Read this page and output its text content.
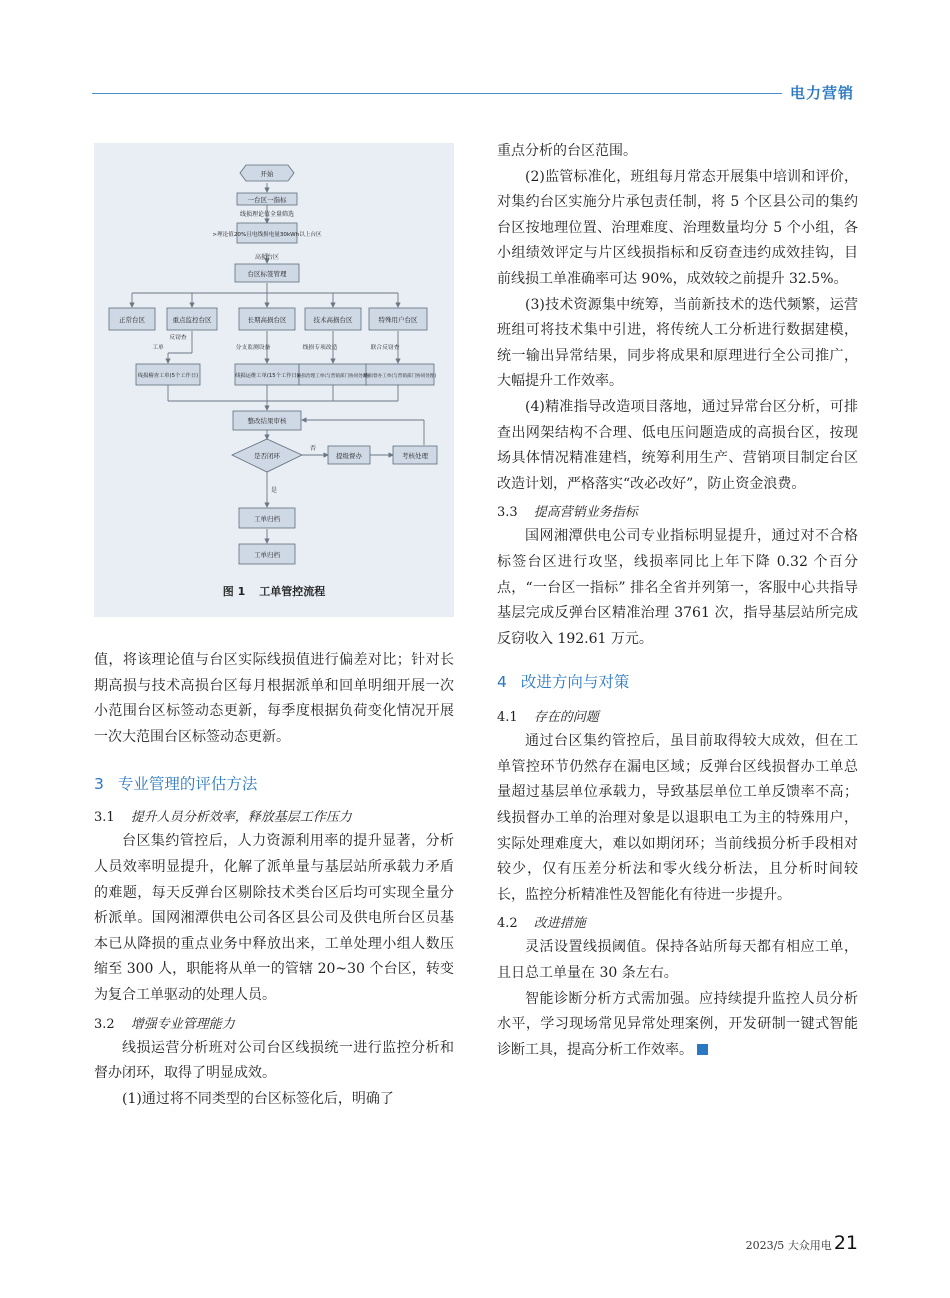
电力营销
开始
一台区一指标
线损理论值全量筛选
>理论值20%且电线损电量30kWh以上台区
高损台区
台区标签管理
正常台区	重点监控台区	长期高损台区	技术高损台区	特殊用户台区
反窃查
工单	分支监测设备	线损专项改造	联合反窃查
线损稽查工单(5个工作日)	线损运维工单(15个工作日)
线损治理工单(与营销部门协同处理)
线损督办工单(与营销部门协同处理)
整改结果审核
是否闭环
否
是
提级督办	考核处理
工单归档
工单归档
图 1 工单管控流程

值，将该理论值与台区实际线损值进行偏差对比；针对长期高损与技术高损台区每月根据派单和回单明细开展一次小范围台区标签动态更新，每季度根据负荷变化情况开展一次大范围台区标签动态更新。

3 专业管理的评估方法
3.1 提升人员分析效率，释放基层工作压力

台区集约管控后，人力资源利用率的提升显著，分析人员效率明显提升，化解了派单量与基层站所承载力矛盾的难题，每天反弹台区剔除技术类台区后均可实现全量分析派单。国网湘潭供电公司各区县公司及供电所台区员基本已从降损的重点业务中释放出来，工单处理小组人数压缩至 300 人，职能将从单一的管辖 20~30 个台区，转变为复合工单驱动的处理人员。

3.2 增强专业管理能力

线损运营分析班对公司台区线损统一进行监控分析和督办闭环，取得了明显成效。

(1)通过将不同类型的台区标签化后，明确了

重点分析的台区范围。

(2)监管标准化，班组每月常态开展集中培训和评价，对集约台区实施分片承包责任制，将 5 个区县公司的集约台区按地理位置、治理难度、治理数量均分 5 个小组，各小组绩效评定与片区线损指标和反窃查违约成效挂钩，目前线损工单准确率可达 90%，成效较之前提升 32.5%。

(3)技术资源集中统筹，当前新技术的迭代频繁，运营班组可将技术集中引进，将传统人工分析进行数据建模，统一输出异常结果，同步将成果和原理进行全公司推广，大幅提升工作效率。

(4)精准指导改造项目落地，通过异常台区分析，可排查出网架结构不合理、低电压问题造成的高损台区，按现场具体情况精准建档，统筹利用生产、营销项目制定台区改造计划，严格落实“改必改好”，防止资金浪费。

3.3 提高营销业务指标

国网湘潭供电公司专业指标明显提升，通过对不合格标签台区进行攻坚，线损率同比上年下降 0.32 个百分点，“一台区一指标” 排名全省并列第一，客服中心共指导基层完成反弹台区精准治理 3761 次，指导基层站所完成反窃收入 192.61 万元。

4 改进方向与对策
4.1 存在的问题

通过台区集约管控后，虽目前取得较大成效，但在工单管控环节仍然存在漏电区域；反弹台区线损督办工单总量超过基层单位承载力，导致基层单位工单反馈率不高；线损督办工单的治理对象是以退职电工为主的特殊用户，实际处理难度大，难以如期闭环；当前线损分析手段相对较少，仅有压差分析法和零火线分析法，且分析时间较长，监控分析精准性及智能化有待进一步提升。

4.2 改进措施

灵活设置线损阈值。保持各站所每天都有相应工单，且日总工单量在 30 条左右。

智能诊断分析方式需加强。应持续提升监控人员分析水平，学习现场常见异常处理案例，开发研制一键式智能诊断工具，提高分析工作效率。

2023/5 大众用电 21
